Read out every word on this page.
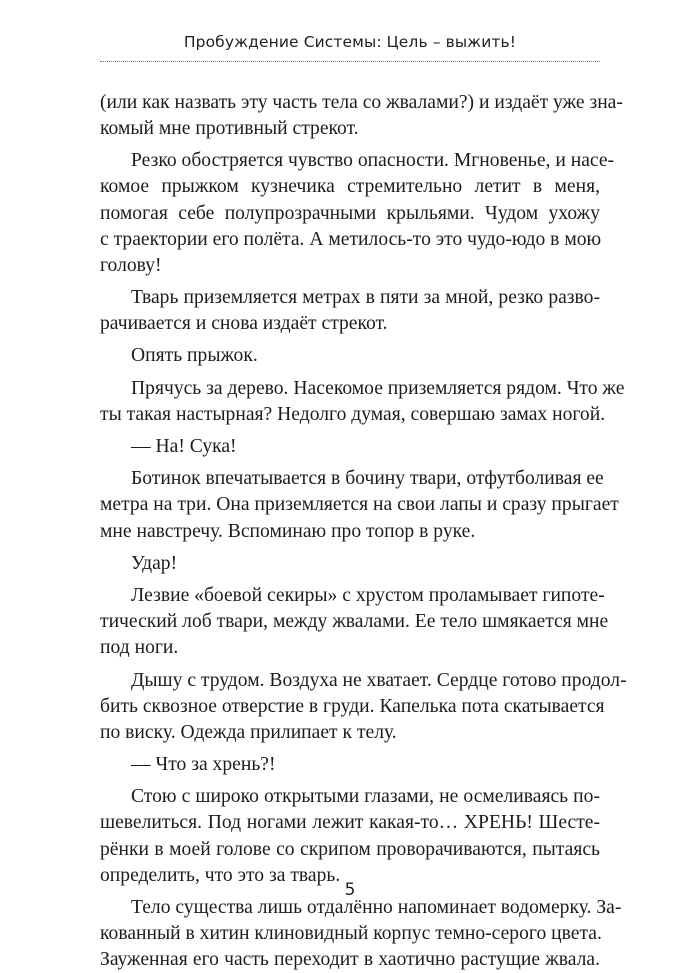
Пробуждение Системы: Цель – выжить!
(или как назвать эту часть тела со жвалами?) и издаёт уже зна-
комый мне противный стрекот.
Резко обостряется чувство опасности. Мгновенье, и насе-
комое прыжком кузнечика стремительно летит в меня,
помогая себе полупрозрачными крыльями. Чудом ухожу
с траектории его полёта. А метилось-то это чудо-юдо в мою
голову!
Тварь приземляется метрах в пяти за мной, резко разво-
рачивается и снова издаёт стрекот.
Опять прыжок.
Прячусь за дерево. Насекомое приземляется рядом. Что же
ты такая настырная? Недолго думая, совершаю замах ногой.
— На! Сука!
Ботинок впечатывается в бочину твари, отфутболивая ее
метра на три. Она приземляется на свои лапы и сразу прыгает
мне навстречу. Вспоминаю про топор в руке.
Удар!
Лезвие «боевой секиры» с хрустом проламывает гипоте-
тический лоб твари, между жвалами. Ее тело шмякается мне
под ноги.
Дышу с трудом. Воздуха не хватает. Сердце готово продол-
бить сквозное отверстие в груди. Капелька пота скатывается
по виску. Одежда прилипает к телу.
— Что за хрень?!
Стою с широко открытыми глазами, не осмеливаясь по-
шевелиться. Под ногами лежит какая-то… ХРЕНЬ! Шесте-
рёнки в моей голове со скрипом проворачиваются, пытаясь
определить, что это за тварь.
Тело существа лишь отдалённо напоминает водомерку. За-
кованный в хитин клиновидный корпус темно-серого цвета.
Зауженная его часть переходит в хаотично растущие жвала.
5
